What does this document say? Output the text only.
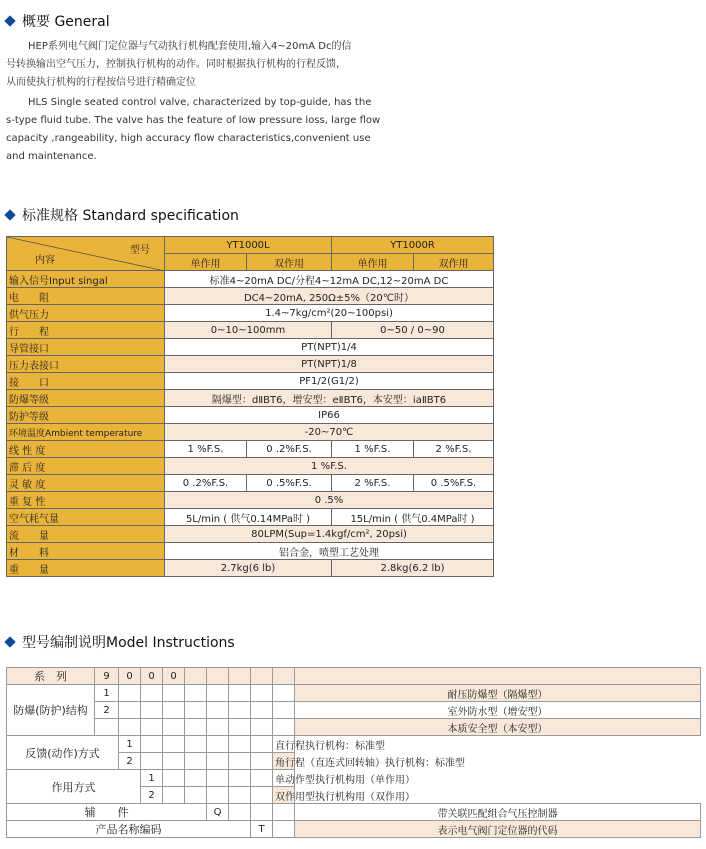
概要 General
HEP系列电气阀门定位器与气动执行机构配套使用,输入4~20mA Dc的信
号转换输出空气压力，控制执行机构的动作。同时根据执行机构的行程反馈，
从而使执行机构的行程按信号进行精确定位
HLS Single seated control valve, characterized by top-guide, has the
s-type fluid tube. The valve has the feature of low pressure loss, large flow
capacity ,rangeability, high accuracy flow characteristics,convenient use
and maintenance.
标准规格 Standard specification
型号
内容	YT1000L		YT1000R	
	单作用	双作用	单作用	双作用
输入信号Input singal	标准4~20mA DC/分程4~12mA DC,12~20mA DC			
电　　阻	DC4~20mA, 250Ω±5%（20℃时）			
供气压力	1.4~7kg/cm²(20~100psi)			
行　　程	0~10~100mm		0~50 / 0~90	
导管接口	PT(NPT)1/4			
压力表接口	PT(NPT)1/8			
接　　口	PF1/2(G1/2)			
防爆等级	隔爆型：dⅡBT6，增安型：eⅡBT6，本安型：iaⅡBT6			
防护等级	IP66			
环境温度Ambient temperature	-20~70℃			
线 性 度	1 %F.S.	0 .2%F.S.	1 %F.S.	2 %F.S.
滞 后 度	1 %F.S.			
灵 敏 度	0 .2%F.S.	0 .5%F.S.	2 %F.S.	0 .5%F.S.
重 复 性	0 .5%			
空气耗气量	5L/min ( 供气0.14MPa时 )		15L/min ( 供气0.4MPa时 )	
流　　量	80LPM(Sup=1.4kgf/cm², 20psi)			
材　　料	铝合金，喷塑工艺处理			
重　　量	2.7kg(6 lb)		2.8kg(6.2 lb)	
型号编制说明Model Instructions
系　列	9	0	0	0						
防爆(防护)结构	1									耐压防爆型（隔爆型）
	2									室外防水型（增安型）
										本质安全型（本安型）
反馈(动作)方式		1							直行程执行机构：标准型	
		2							角行程（直连式回转轴）执行机构：标准型	
作用方式			1						单动作型执行机构用（单作用）	
			2						双作用型执行机构用（双作用）	
辅　　件						Q				带关联匹配组合气压控制器
产品名称编码								T		表示电气阀门定位器的代码
